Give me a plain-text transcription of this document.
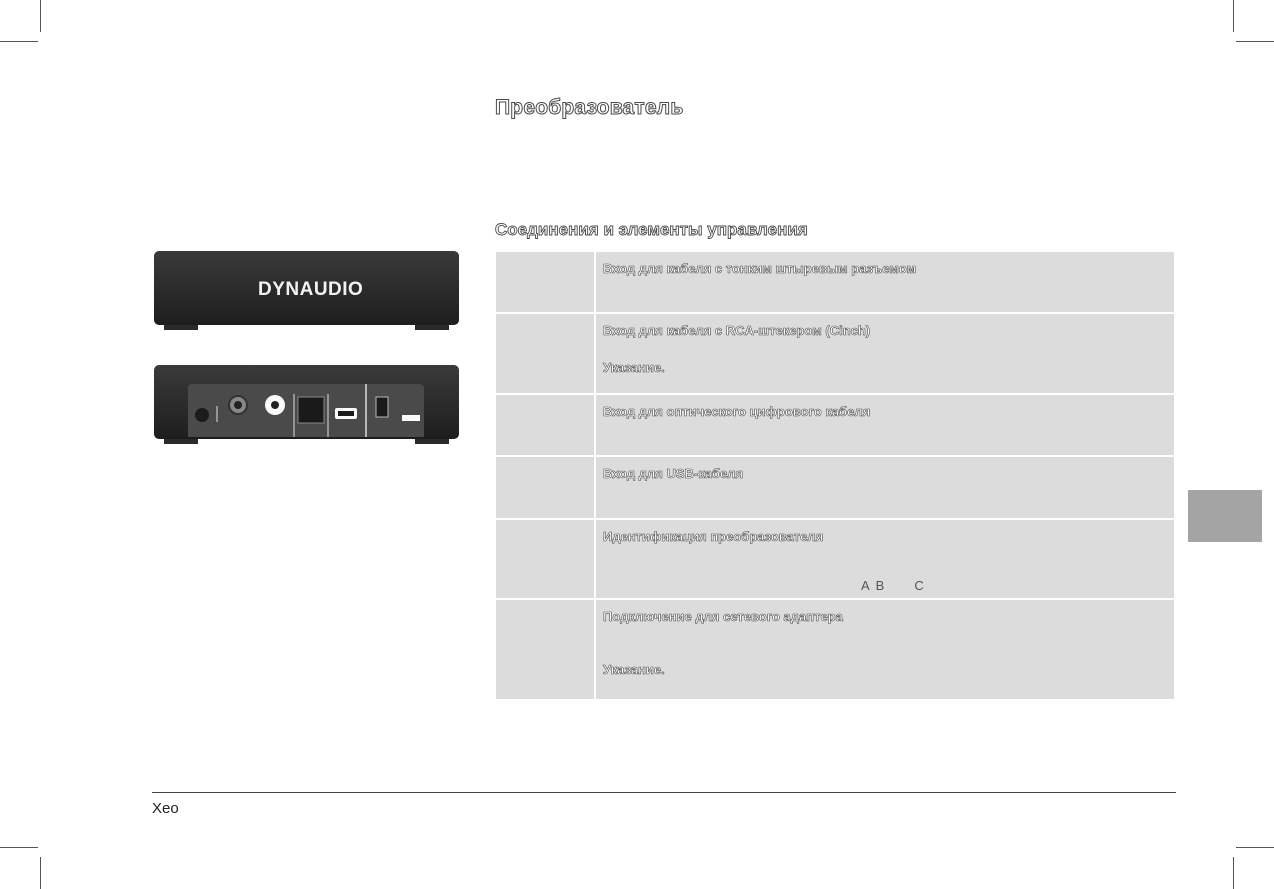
Преобразователь
Соединения и элементы управления
DYNAUDIO
Вход для кабеля с тонким штыревым разъемом
Вход для кабеля с RCA-штекером (Cinch)
Указание.
Вход для оптического цифрового кабеля
Вход для USB-кабеля
Идентификация преобразователя
A B C
Подключение для сетевого адаптера
Указание.
Xeo
